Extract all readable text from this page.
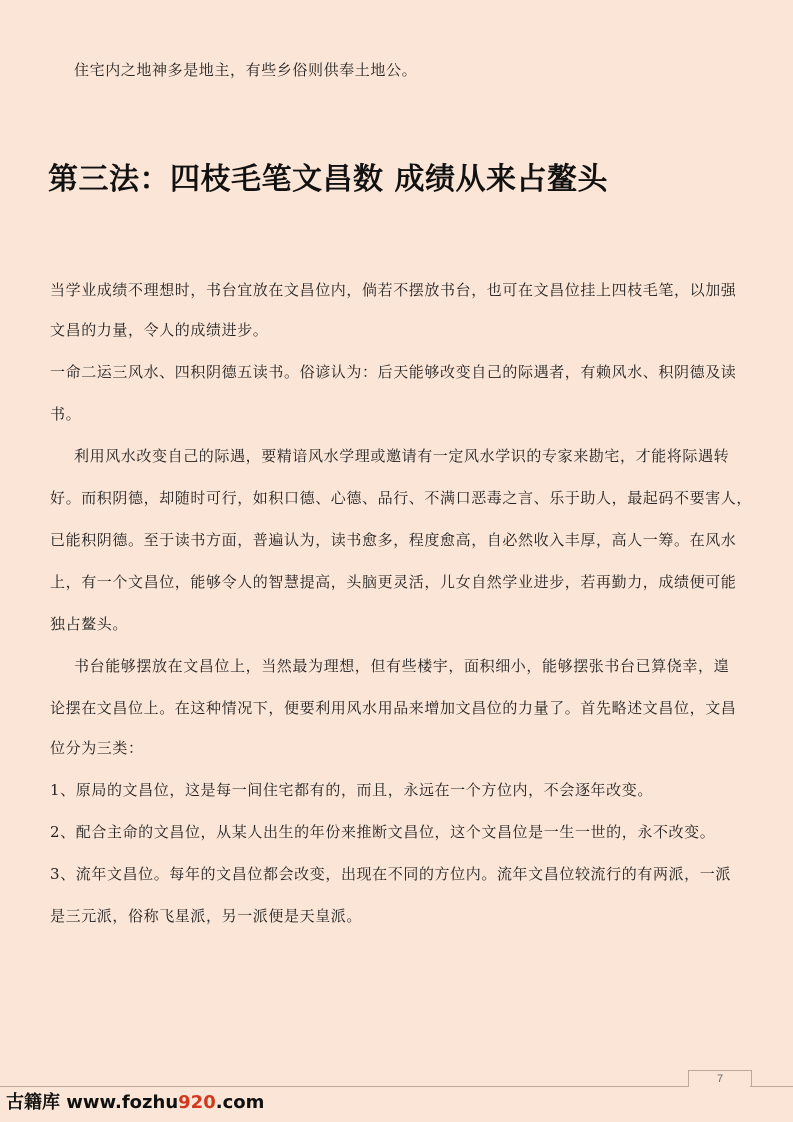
住宅内之地神多是地主，有些乡俗则供奉土地公。
第三法：四枝毛笔文昌数 成绩从来占鳌头
当学业成绩不理想时，书台宜放在文昌位内，倘若不摆放书台，也可在文昌位挂上四枝毛笔，以加强
文昌的力量，令人的成绩进步。
一命二运三风水、四积阴德五读书。俗谚认为：后天能够改变自己的际遇者，有赖风水、积阴德及读
书。
利用风水改变自己的际遇，要精谙风水学理或邀请有一定风水学识的专家来勘宅，才能将际遇转
好。而积阴德，却随时可行，如积口德、心德、品行、不满口恶毒之言、乐于助人，最起码不要害人，
已能积阴德。至于读书方面，普遍认为，读书愈多，程度愈高，自必然收入丰厚，高人一筹。在风水
上，有一个文昌位，能够令人的智慧提高，头脑更灵活，儿女自然学业进步，若再勤力，成绩便可能
独占鳌头。
书台能够摆放在文昌位上，当然最为理想，但有些楼宇，面积细小，能够摆张书台已算侥幸，遑
论摆在文昌位上。在这种情况下，便要利用风水用品来增加文昌位的力量了。首先略述文昌位，文昌
位分为三类：
1、原局的文昌位，这是每一间住宅都有的，而且，永远在一个方位内，不会逐年改变。
2、配合主命的文昌位，从某人出生的年份来推断文昌位，这个文昌位是一生一世的，永不改变。
3、流年文昌位。每年的文昌位都会改变，出现在不同的方位内。流年文昌位较流行的有两派，一派
是三元派，俗称飞星派，另一派便是天皇派。
7
古籍库 www.fozhu920.com
